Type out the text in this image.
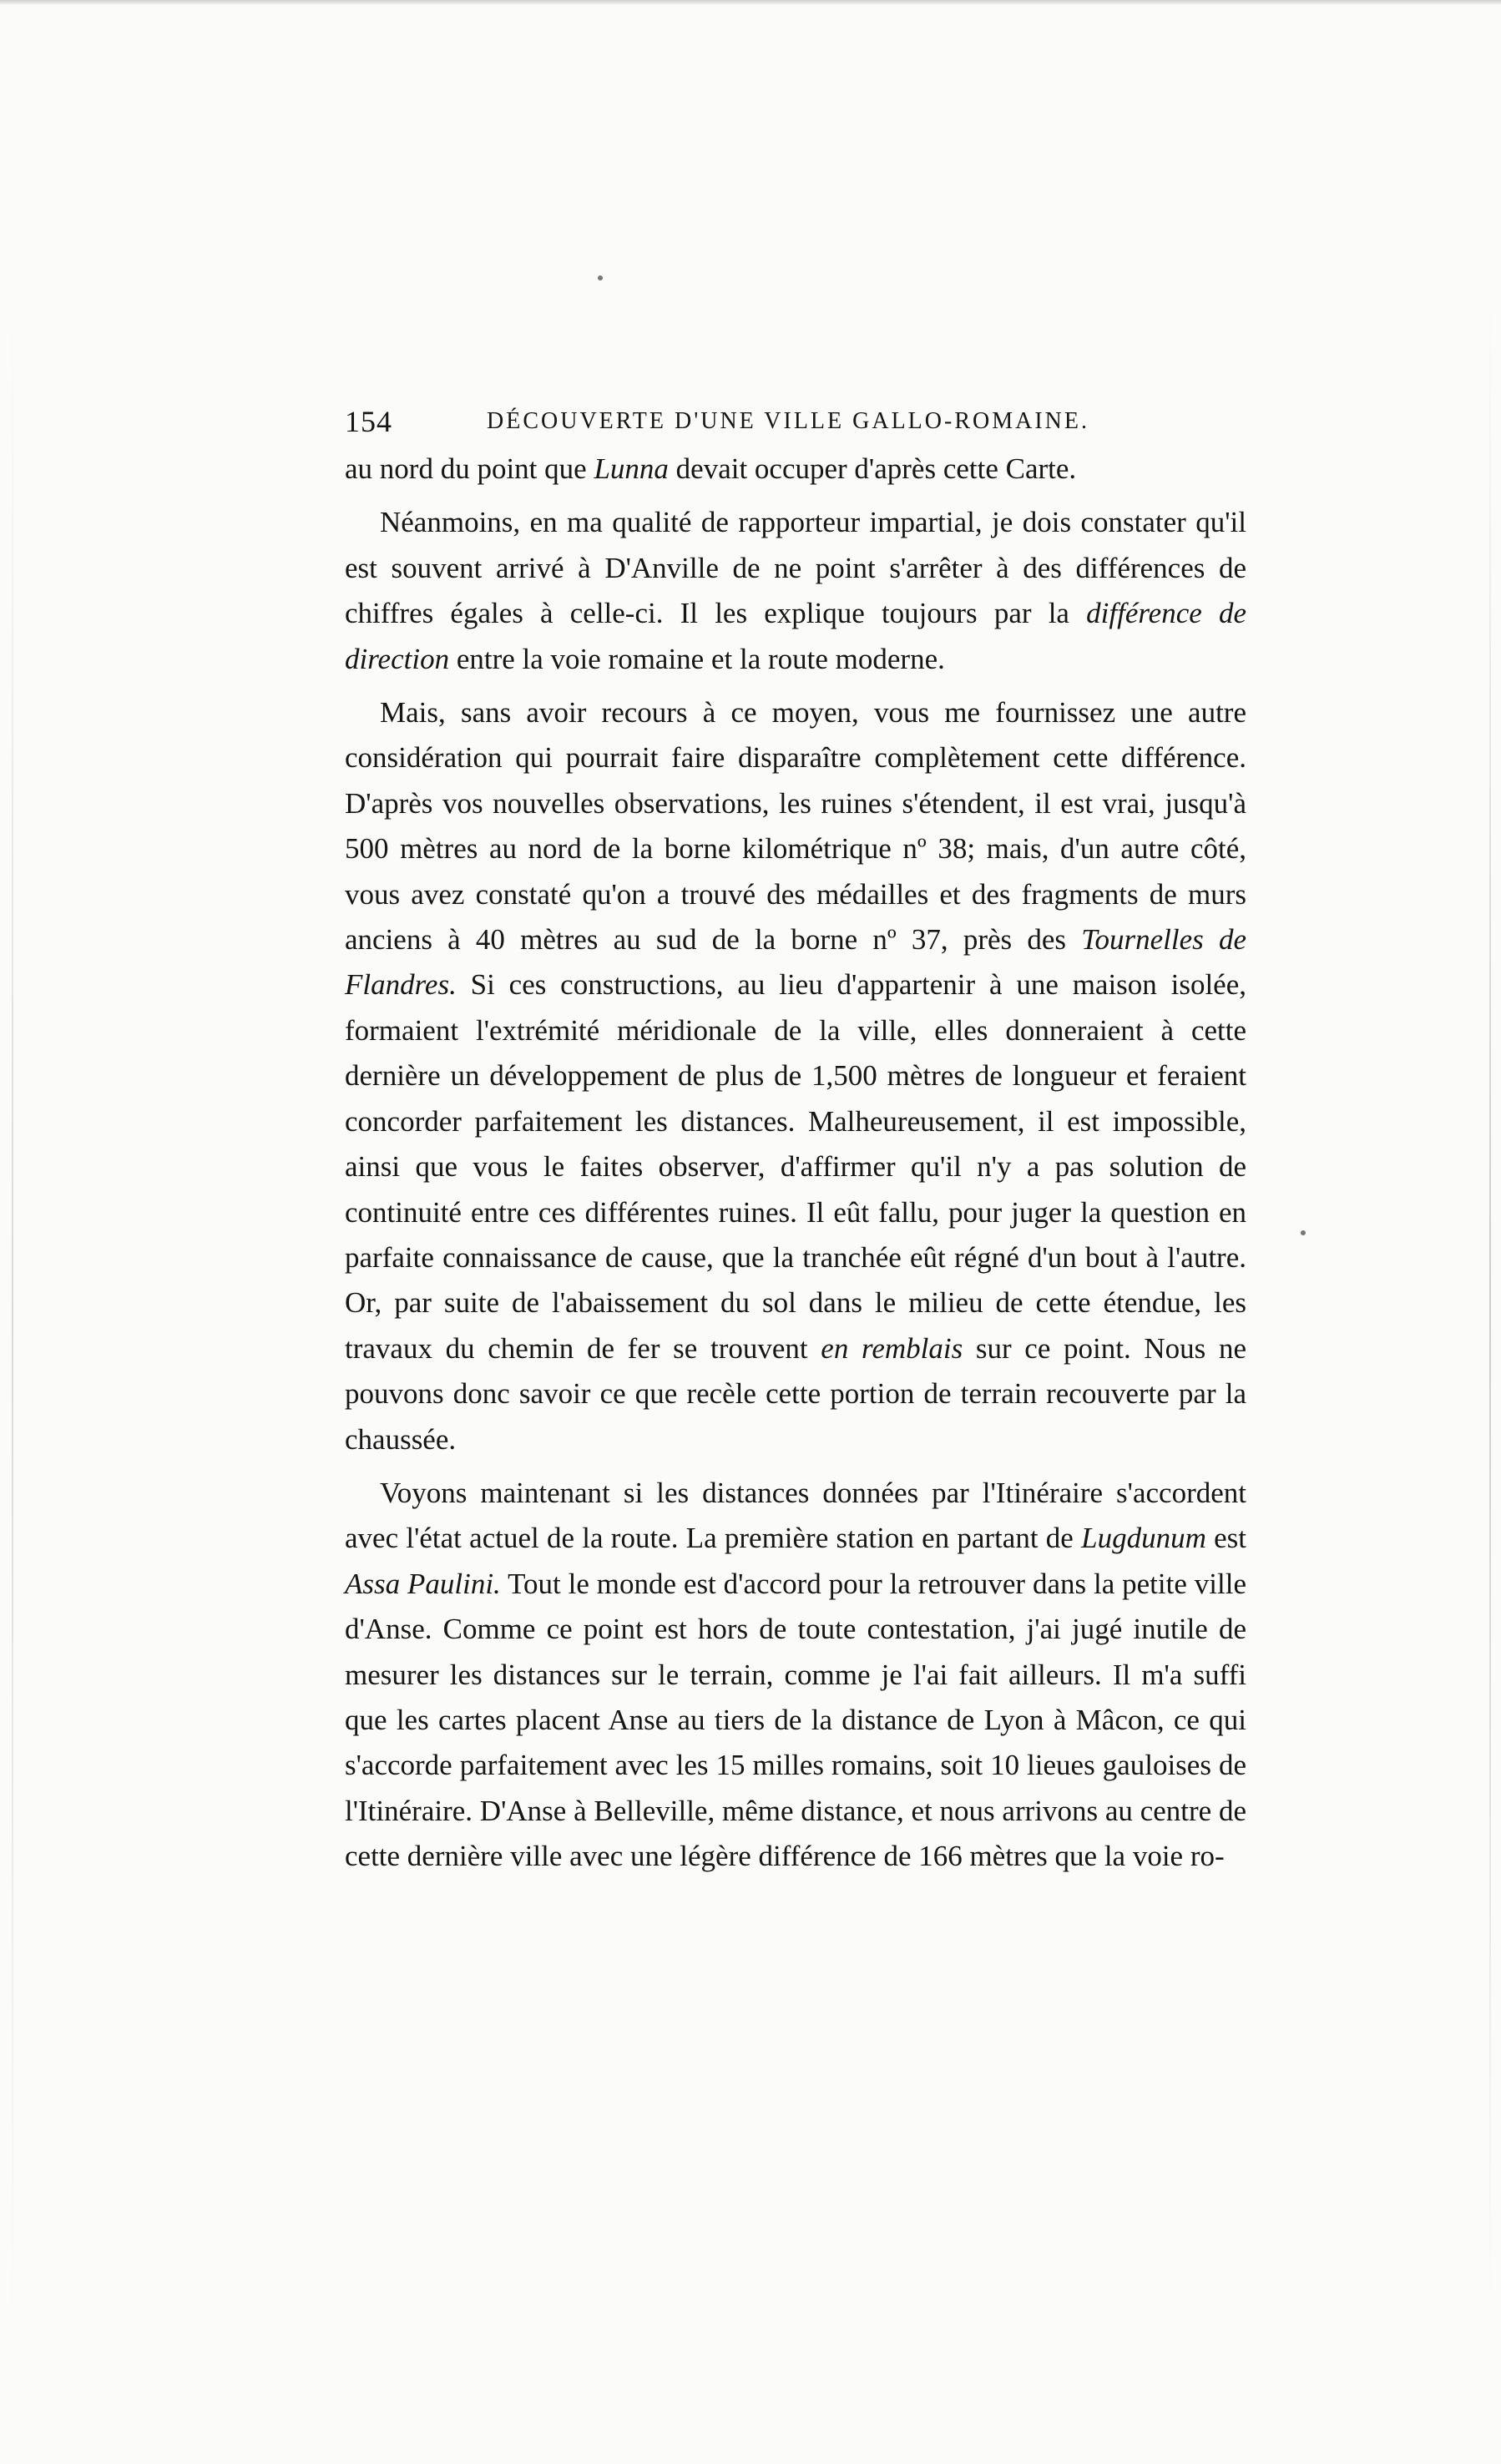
154	DÉCOUVERTE D'UNE VILLE GALLO-ROMAINE.

au nord du point que Lunna devait occuper d'après cette Carte.

Néanmoins, en ma qualité de rapporteur impartial, je dois constater qu'il est souvent arrivé à D'Anville de ne point s'arrêter à des différences de chiffres égales à celle-ci. Il les explique toujours par la différence de direction entre la voie romaine et la route moderne.

Mais, sans avoir recours à ce moyen, vous me fournissez une autre considération qui pourrait faire disparaître complètement cette différence. D'après vos nouvelles observations, les ruines s'étendent, il est vrai, jusqu'à 500 mètres au nord de la borne kilométrique nº 38; mais, d'un autre côté, vous avez constaté qu'on a trouvé des médailles et des fragments de murs anciens à 40 mètres au sud de la borne nº 37, près des Tournelles de Flandres. Si ces constructions, au lieu d'appartenir à une maison isolée, formaient l'extrémité méridionale de la ville, elles donneraient à cette dernière un développement de plus de 1,500 mètres de longueur et feraient concorder parfaitement les distances. Malheureusement, il est impossible, ainsi que vous le faites observer, d'affirmer qu'il n'y a pas solution de continuité entre ces différentes ruines. Il eût fallu, pour juger la question en parfaite connaissance de cause, que la tranchée eût régné d'un bout à l'autre. Or, par suite de l'abaissement du sol dans le milieu de cette étendue, les travaux du chemin de fer se trouvent en remblais sur ce point. Nous ne pouvons donc savoir ce que recèle cette portion de terrain recouverte par la chaussée.

Voyons maintenant si les distances données par l'Itinéraire s'accordent avec l'état actuel de la route. La première station en partant de Lugdunum est Assa Paulini. Tout le monde est d'accord pour la retrouver dans la petite ville d'Anse. Comme ce point est hors de toute contestation, j'ai jugé inutile de mesurer les distances sur le terrain, comme je l'ai fait ailleurs. Il m'a suffi que les cartes placent Anse au tiers de la distance de Lyon à Mâcon, ce qui s'accorde parfaitement avec les 15 milles romains, soit 10 lieues gauloises de l'Itinéraire. D'Anse à Belleville, même distance, et nous arrivons au centre de cette dernière ville avec une légère différence de 166 mètres que la voie ro-
